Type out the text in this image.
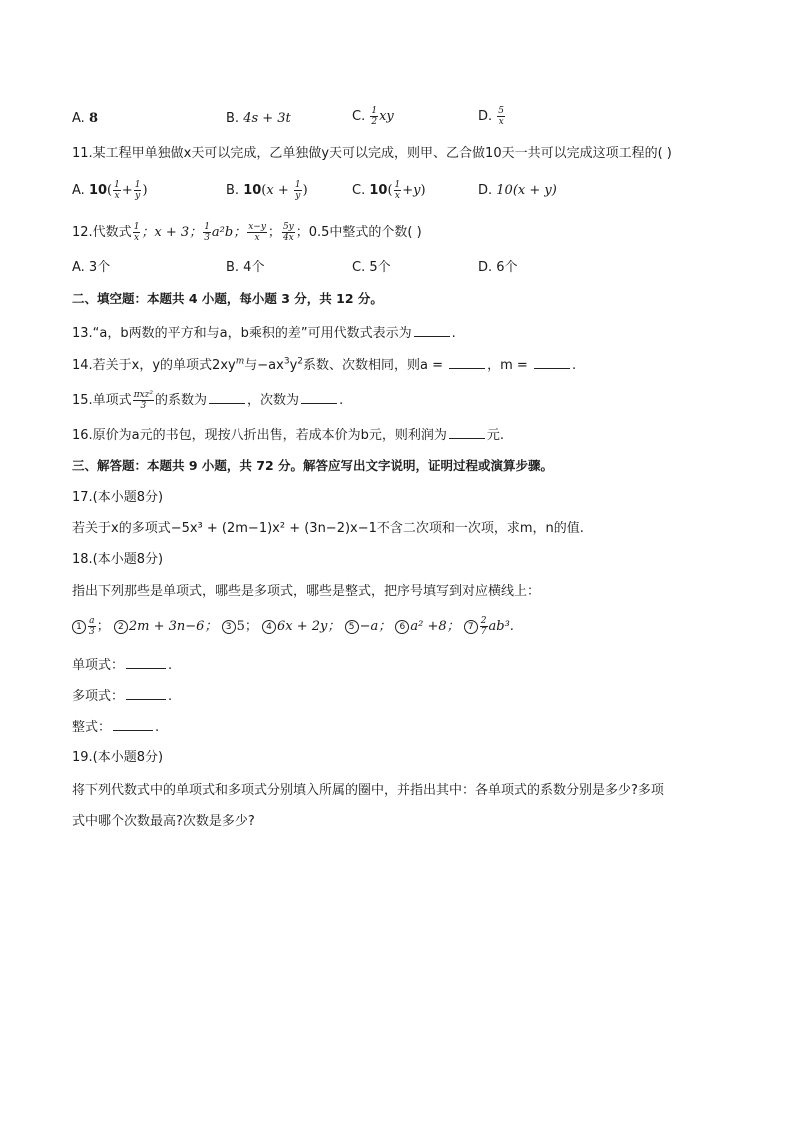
A. 8	B. 4s + 3t	C. $\frac{1}{2}$ xy	D. $\frac{5}{x}$
11.某工程甲单独做x天可以完成，乙单独做y天可以完成，则甲、乙合做10天一共可以完成这项工程的( )
A. $10( \frac{1}{x} + \frac{1}{y}$ )	B. $10(x + \frac{1}{y}$ )	C. $10( \frac{1}{x} +y)$	D. 10(x + y)
12.代数式 $\frac{1}{x}$ ；x + 3； $\frac{1}{3} a^2b$； $\frac{x-y}{x}$ ； $\frac{5y}{4x}$ ；0.5中整式的个数( )
A. 3个	B. 4个	C. 5个	D. 6个
二、填空题：本题共 4 小题，每小题 3 分，共 12 分。
13.“a，b两数的平方和与a，b乘积的差”可用代数式表示为	.
14.若关于x，y的单项式$2xy^m$与$-ax^3y^2$系数、次数相同，则a =	，m =	.
15.单项式 $\frac{\text{πxz²}}{3}$ 的系数为	，次数为	.
16.原价为a元的书包，现按八折出售，若成本价为b元，则利润为	元.
三、解答题：本题共 9 小题，共 72 分。解答应写出文字说明，证明过程或演算步骤。
17.(本小题8分)
若关于x的多项式−5x³ + (2m−1)x² + (3n−2)x−1不含二次项和一次项，求m，n的值.
18.(本小题8分)
指出下列那些是单项式，哪些是多项式，哪些是整式，把序号填写到对应横线上：
$1 \frac{a}{3}$ ； 2 2m + 3n−6； 3 5； 4 6x + 2y； 5 −a； 6 a² +8； $7 \frac{2}{7} ab^3$.
单项式：	.
多项式：	.
整式：	.
19.(本小题8分)
将下列代数式中的单项式和多项式分别填入所属的圈中，并指出其中：各单项式的系数分别是多少?多项
式中哪个次数最高?次数是多少?
